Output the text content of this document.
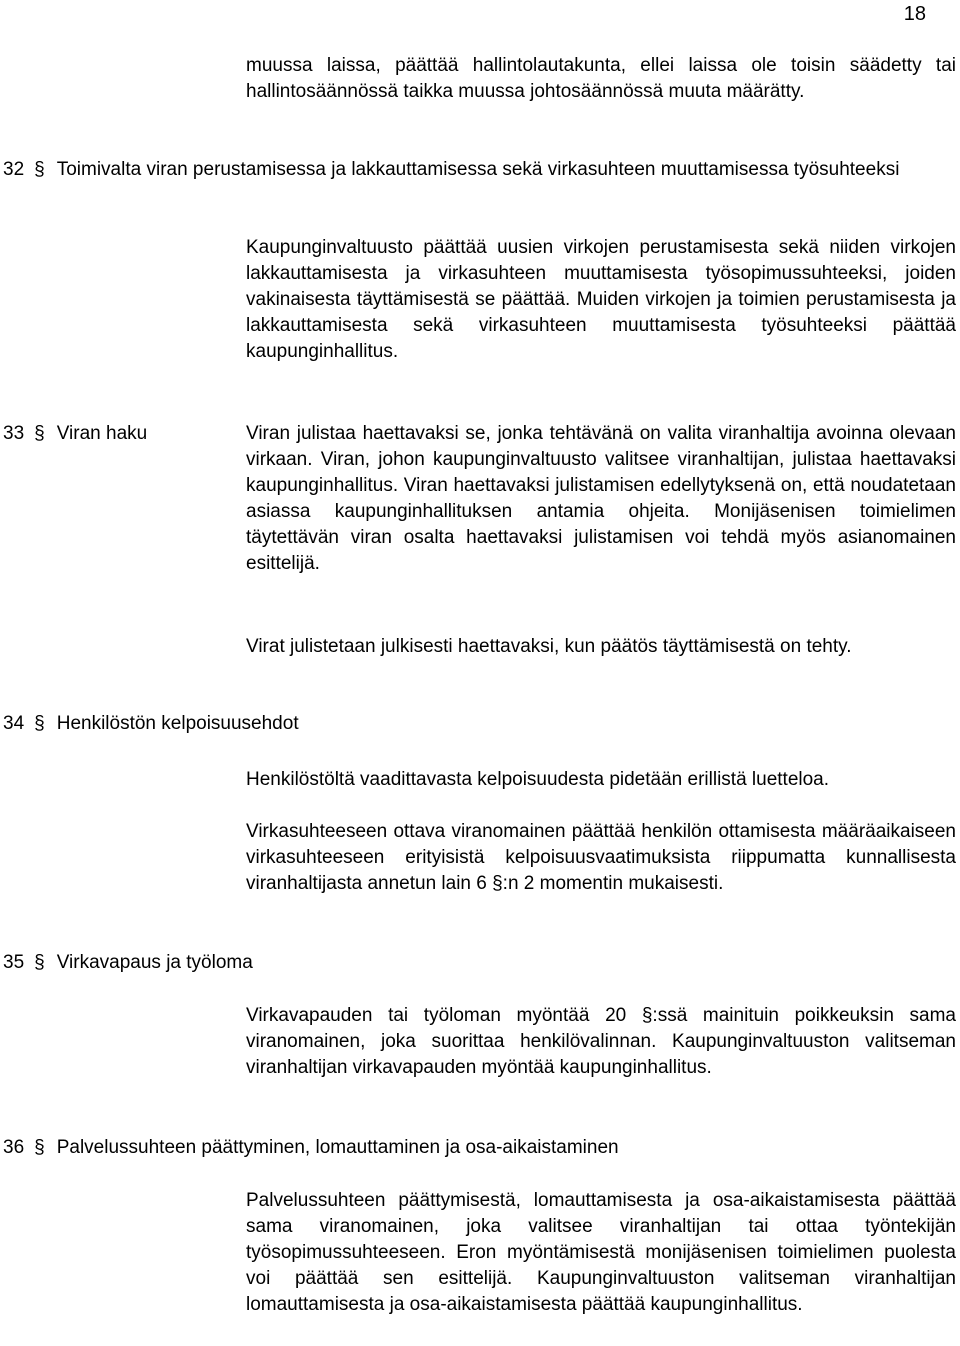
18

muussa laissa, päättää hallintolautakunta, ellei laissa ole toisin säädetty tai hallintosäännössä taikka muussa johtosäännössä muuta määrätty.

32 § Toimivalta viran perustamisessa ja lakkauttamisessa sekä virkasuhteen muuttamisessa työsuhteeksi

Kaupunginvaltuusto päättää uusien virkojen perustamisesta sekä niiden virkojen lakkauttamisesta ja virkasuhteen muuttamisesta työsopimussuhteeksi, joiden vakinaisesta täyttämisestä se päättää. Muiden virkojen ja toimien perustamisesta ja lakkauttamisesta sekä virkasuhteen muuttamisesta työsuhteeksi päättää kaupunginhallitus.

33 § Viran haku	Viran julistaa haettavaksi se, jonka tehtävänä on valita viranhaltija avoinna olevaan virkaan. Viran, johon kaupunginvaltuusto valitsee viranhaltijan, julistaa haettavaksi kaupunginhallitus. Viran haettavaksi julistamisen edellytyksenä on, että noudatetaan asiassa kaupunginhallituksen antamia ohjeita. Monijäsenisen toimielimen täytettävän viran osalta haettavaksi julistamisen voi tehdä myös asianomainen esittelijä.

Virat julistetaan julkisesti haettavaksi, kun päätös täyttämisestä on tehty.

34 § Henkilöstön kelpoisuusehdot

Henkilöstöltä vaadittavasta kelpoisuudesta pidetään erillistä luetteloa.

Virkasuhteeseen ottava viranomainen päättää henkilön ottamisesta määräaikaiseen virkasuhteeseen erityisistä kelpoisuusvaatimuksista riippumatta kunnallisesta viranhaltijasta annetun lain 6 §:n 2 momentin mukaisesti.

35 § Virkavapaus ja työloma

Virkavapauden tai työloman myöntää 20 §:ssä mainituin poikkeuksin sama viranomainen, joka suorittaa henkilövalinnan. Kaupunginvaltuuston valitseman viranhaltijan virkavapauden myöntää kaupunginhallitus.

36 § Palvelussuhteen päättyminen, lomauttaminen ja osa-aikaistaminen

Palvelussuhteen päättymisestä, lomauttamisesta ja osa-aikaistamisesta päättää sama viranomainen, joka valitsee viranhaltijan tai ottaa työntekijän työsopimussuhteeseen. Eron myöntämisestä monijäsenisen toimielimen puolesta voi päättää sen esittelijä. Kaupunginvaltuuston valitseman viranhaltijan lomauttamisesta ja osa-aikaistamisesta päättää kaupunginhallitus.
